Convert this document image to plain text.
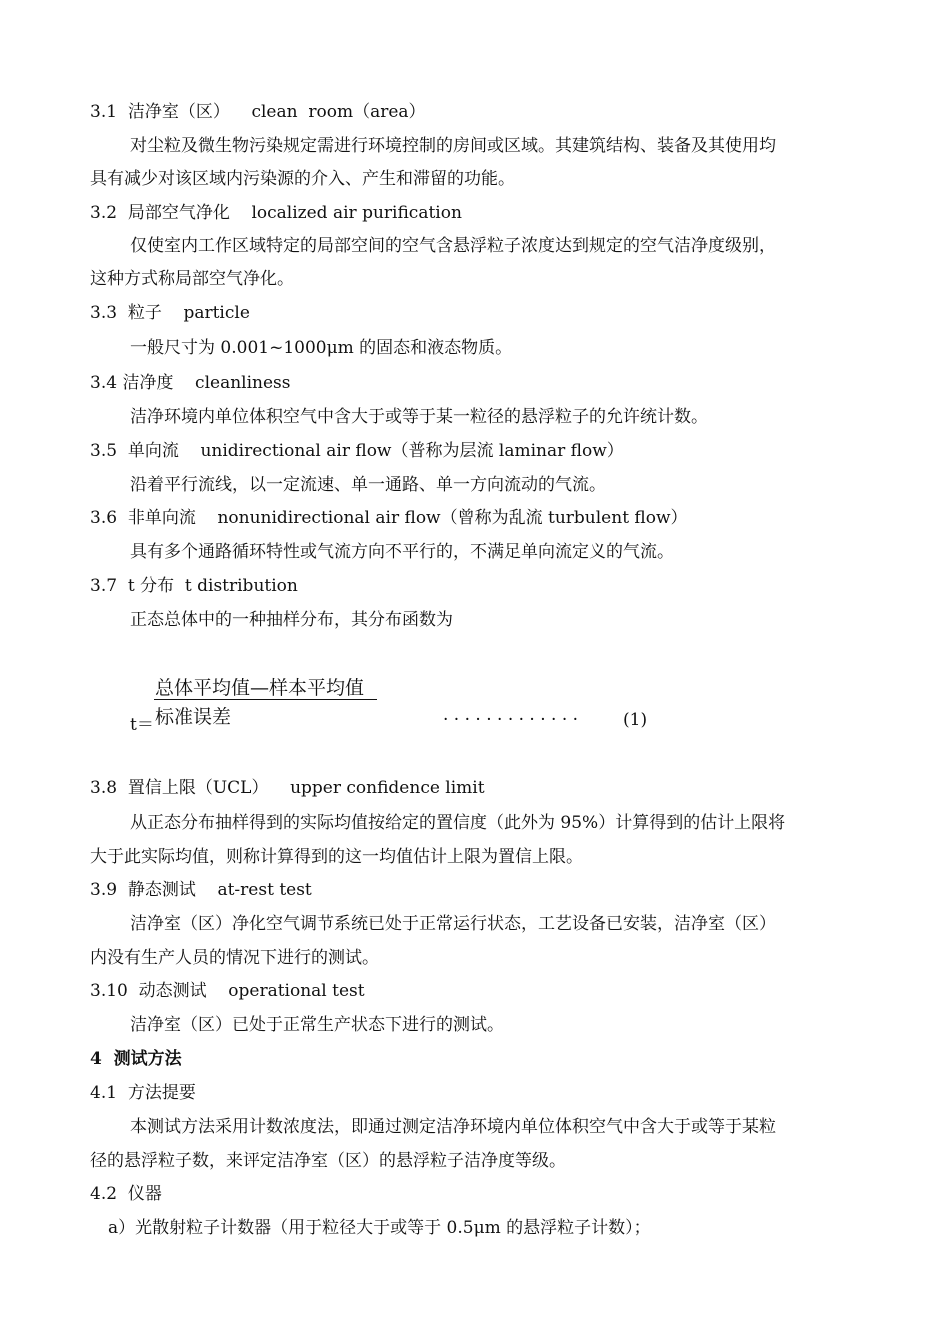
3.1  洁净室（区）    clean  room（area）
对尘粒及微生物污染规定需进行环境控制的房间或区域。其建筑结构、装备及其使用均
具有减少对该区域内污染源的介入、产生和滞留的功能。
3.2  局部空气净化    localized air purification
仅使室内工作区域特定的局部空间的空气含悬浮粒子浓度达到规定的空气洁净度级别，
这种方式称局部空气净化。
3.3  粒子    particle
一般尺寸为 0.001~1000μm 的固态和液态物质。
3.4 洁净度    cleanliness
洁净环境内单位体积空气中含大于或等于某一粒径的悬浮粒子的允许统计数。
3.5  单向流    unidirectional air flow（普称为层流 laminar flow）
沿着平行流线，以一定流速、单一通路、单一方向流动的气流。
3.6  非单向流    nonunidirectional air flow（曾称为乱流 turbulent flow）
具有多个通路循环特性或气流方向不平行的，不满足单向流定义的气流。
3.7  t 分布  t distribution
正态总体中的一种抽样分布，其分布函数为
总体平均值—样本平均值
标准误差
t＝	············· (1)
3.8  置信上限（UCL）    upper confidence limit
从正态分布抽样得到的实际均值按给定的置信度（此外为 95%）计算得到的估计上限将
大于此实际均值，则称计算得到的这一均值估计上限为置信上限。
3.9  静态测试    at-rest test
洁净室（区）净化空气调节系统已处于正常运行状态，工艺设备已安装，洁净室（区）
内没有生产人员的情况下进行的测试。
3.10  动态测试    operational test
洁净室（区）已处于正常生产状态下进行的测试。
4  测试方法
4.1  方法提要
本测试方法采用计数浓度法，即通过测定洁净环境内单位体积空气中含大于或等于某粒
径的悬浮粒子数，来评定洁净室（区）的悬浮粒子洁净度等级。
4.2  仪器
a）光散射粒子计数器（用于粒径大于或等于 0.5μm 的悬浮粒子计数）；
